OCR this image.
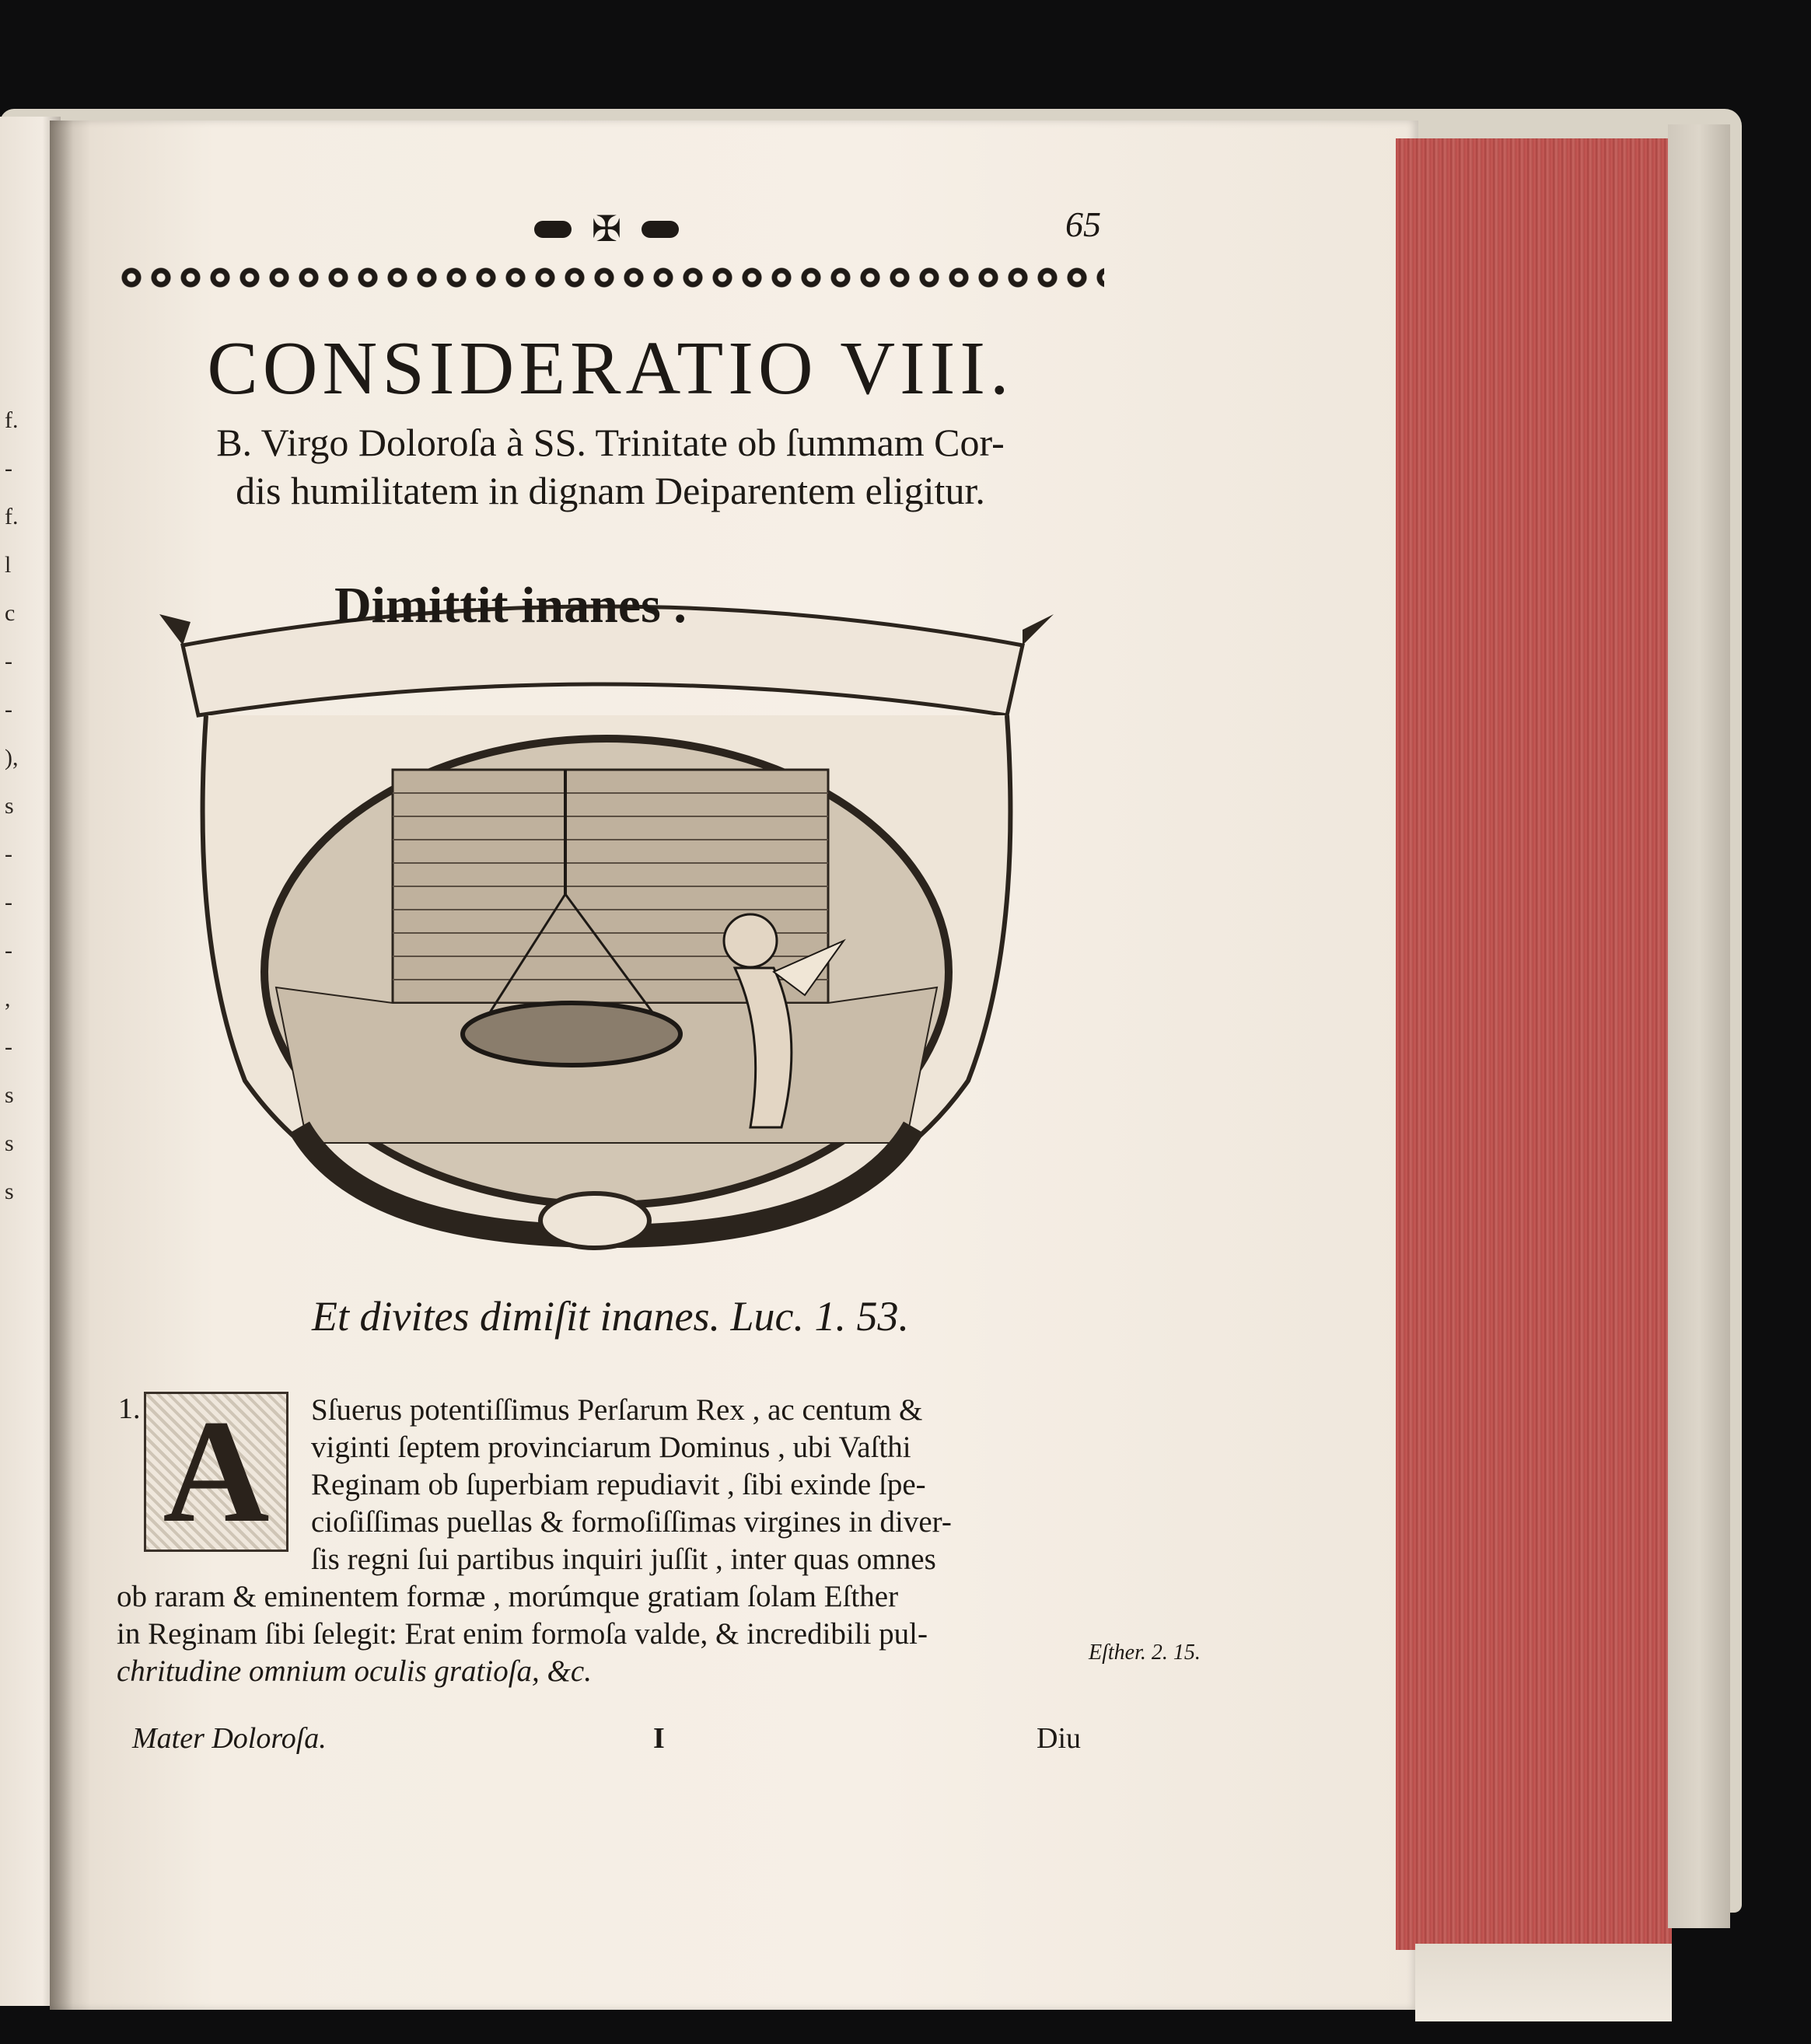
f.
-
f.
l
c
-
-
),
s
-
-
-
,
-
s
s
s
✠	65
CONSIDERATIO VIII.
B. Virgo Doloroſa à SS. Trinitate ob ſummam Cor-
dis humilitatem in dignam Deiparentem eligitur.
Dimittit inanes .
Et divites dimiſit inanes. Luc. 1. 53.
1. A	Sſuerus potentiſſimus Perſarum Rex , ac centum &
viginti ſeptem provinciarum Dominus , ubi Vaſthi
Reginam ob ſuperbiam repudiavit , ſibi exinde ſpe-
cioſiſſimas puellas & formoſiſſimas virgines in diver-
ſis regni ſui partibus inquiri juſſit , inter quas omnes
ob raram & eminentem formæ , morúmque gratiam ſolam Eſther
in Reginam ſibi ſelegit: Erat enim formoſa valde, & incredibili pul-
chritudine omnium oculis gratioſa, &c.
Eſther. 2. 15.
Mater Doloroſa.	I	Diu
